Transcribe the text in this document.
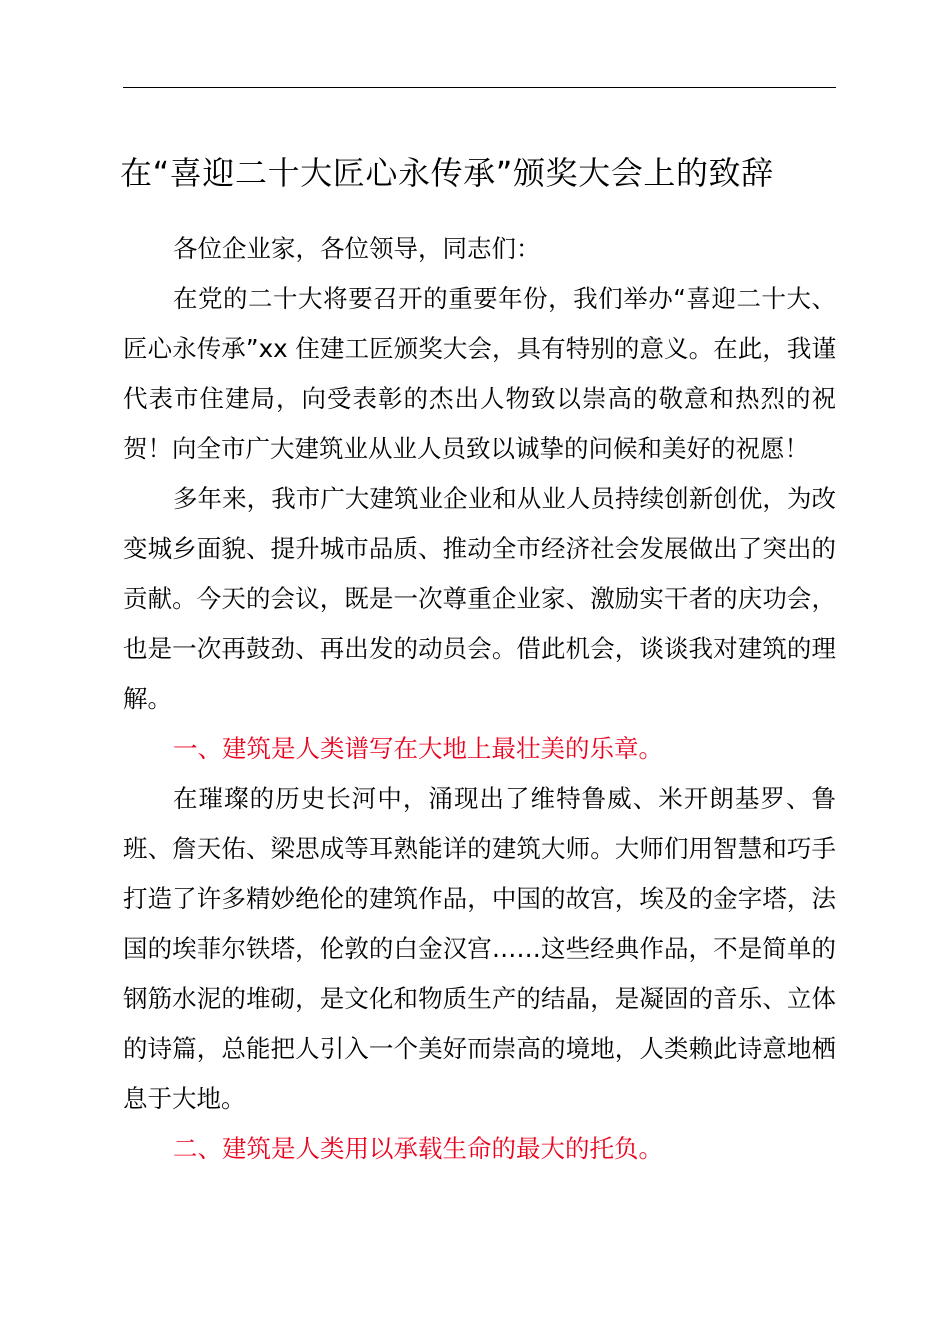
在“喜迎二十大匠心永传承”颁奖大会上的致辞

各位企业家，各位领导，同志们：

在党的二十大将要召开的重要年份，我们举办“喜迎二十大、匠心永传承”xx 住建工匠颁奖大会，具有特别的意义。在此，我谨代表市住建局，向受表彰的杰出人物致以崇高的敬意和热烈的祝贺！向全市广大建筑业从业人员致以诚挚的问候和美好的祝愿！

多年来，我市广大建筑业企业和从业人员持续创新创优，为改变城乡面貌、提升城市品质、推动全市经济社会发展做出了突出的贡献。今天的会议，既是一次尊重企业家、激励实干者的庆功会，也是一次再鼓劲、再出发的动员会。借此机会，谈谈我对建筑的理解。

一、建筑是人类谱写在大地上最壮美的乐章。

在璀璨的历史长河中，涌现出了维特鲁威、米开朗基罗、鲁班、詹天佑、梁思成等耳熟能详的建筑大师。大师们用智慧和巧手打造了许多精妙绝伦的建筑作品，中国的故宫，埃及的金字塔，法国的埃菲尔铁塔，伦敦的白金汉宫……这些经典作品，不是简单的钢筋水泥的堆砌，是文化和物质生产的结晶，是凝固的音乐、立体的诗篇，总能把人引入一个美好而崇高的境地，人类赖此诗意地栖息于大地。

二、建筑是人类用以承载生命的最大的托负。
